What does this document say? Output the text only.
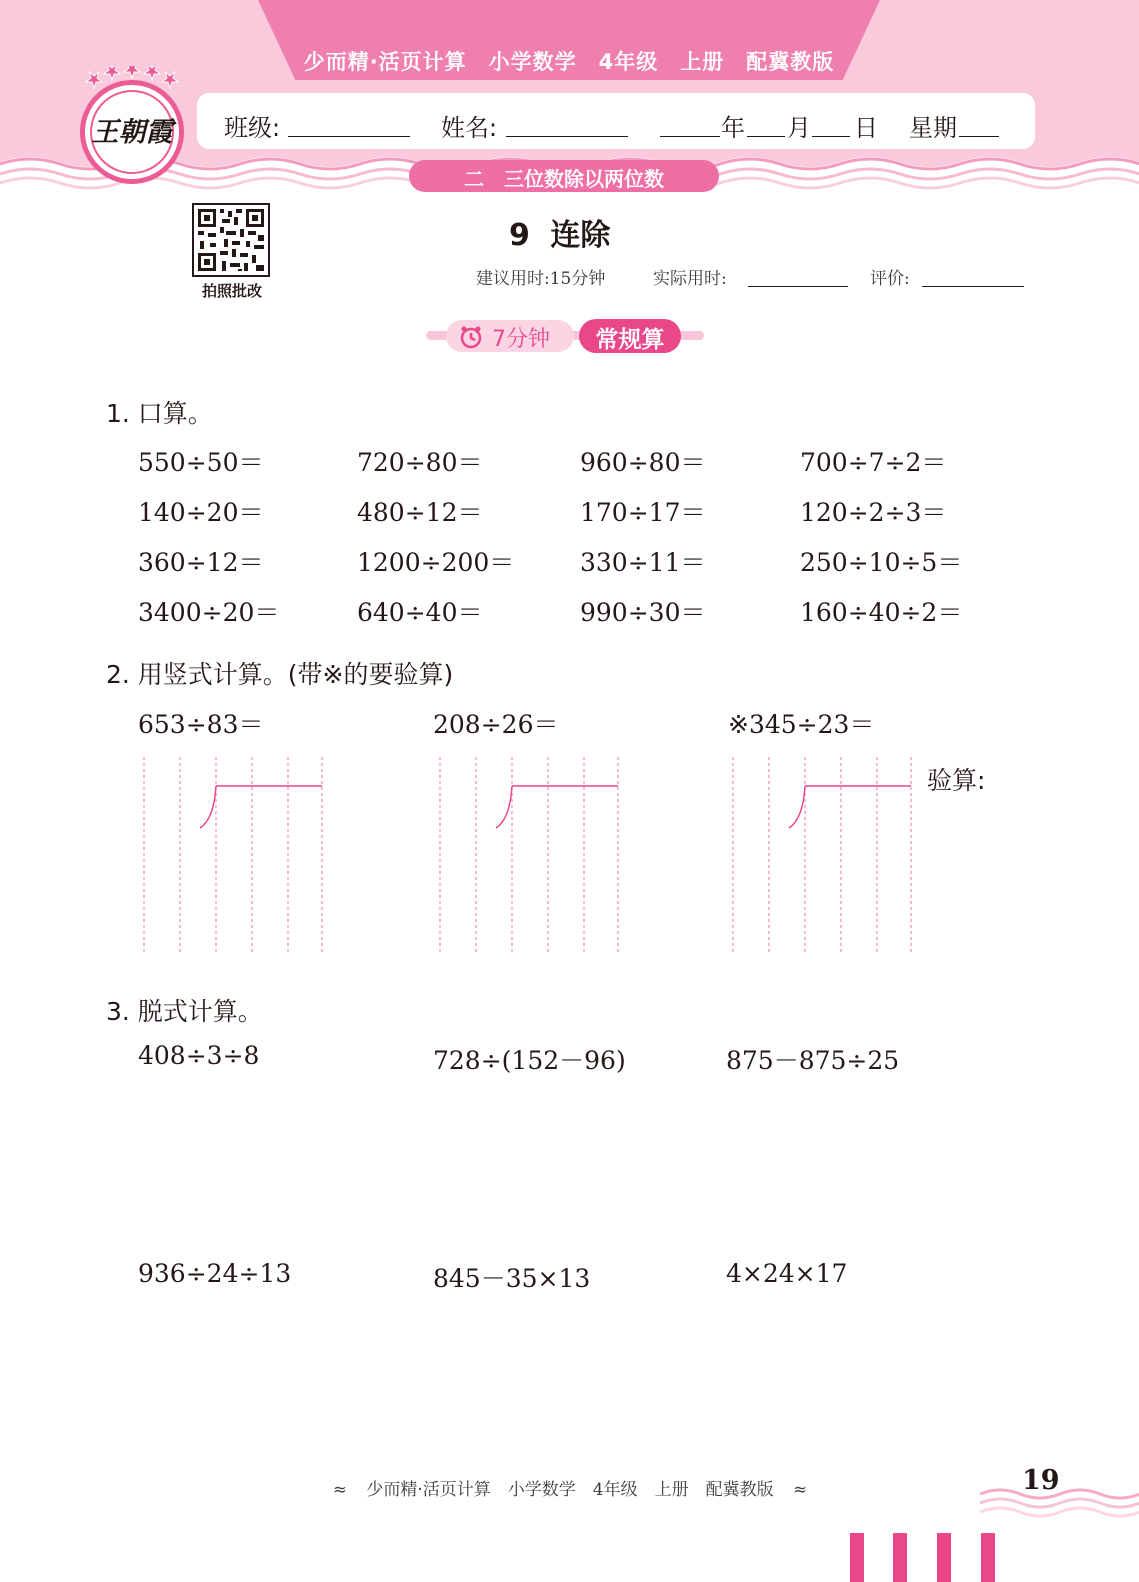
少而精·活页计算　小学数学　4年级　上册　配冀教版
班级:	姓名:	年 月 日 星期
王朝霞
二　三位数除以两位数
拍照批改
9 连除
建议用时:15分钟	实际用时:	评价:
7分钟	常规算
1. 口算。
550÷50＝	720÷80＝	960÷80＝	700÷7÷2＝
140÷20＝	480÷12＝	170÷17＝	120÷2÷3＝
360÷12＝	1200÷200＝	330÷11＝	250÷10÷5＝
3400÷20＝	640÷40＝	990÷30＝	160÷40÷2＝
2. 用竖式计算。(带※的要验算)
653÷83＝	208÷26＝	※345÷23＝
验算:
3. 脱式计算。
408÷3÷8	728÷(152－96)	875－875÷25
936÷24÷13	845－35×13	4×24×17
≈ 少而精·活页计算　小学数学　4年级　上册　配冀教版 ≈	19
